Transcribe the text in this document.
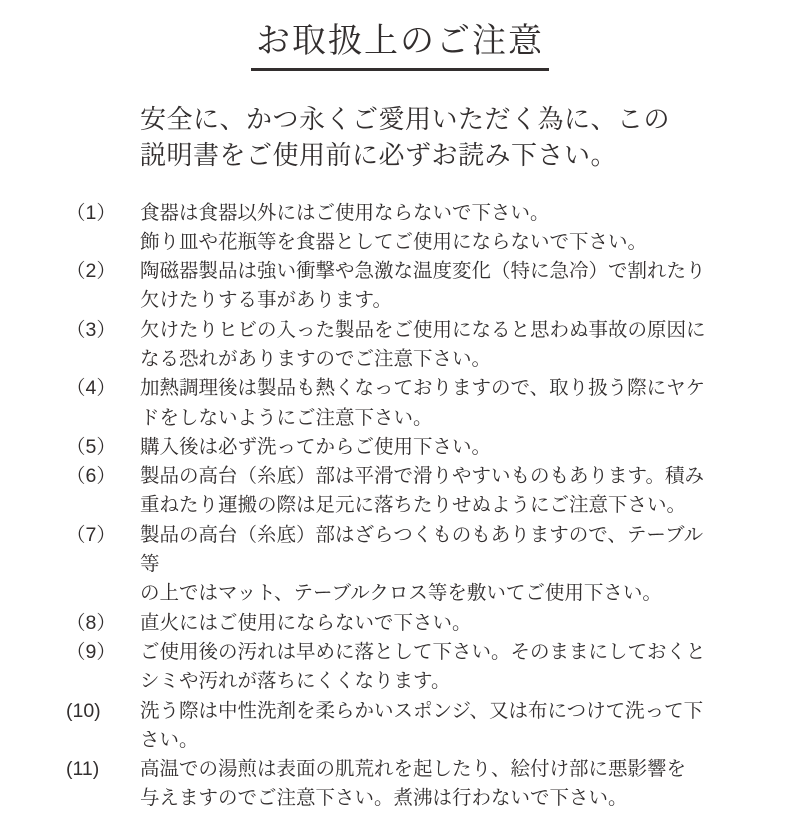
お取扱上のご注意
安全に、かつ永くご愛用いただく為に、この
説明書をご使用前に必ずお読み下さい。
（1）	食器は食器以外にはご使用ならないで下さい。
飾り皿や花瓶等を食器としてご使用にならないで下さい。
（2）	陶磁器製品は強い衝撃や急激な温度変化（特に急冷）で割れたり
欠けたりする事があります。
（3）	欠けたりヒビの入った製品をご使用になると思わぬ事故の原因に
なる恐れがありますのでご注意下さい。
（4）	加熱調理後は製品も熱くなっておりますので、取り扱う際にヤケ
ドをしないようにご注意下さい。
（5）	購入後は必ず洗ってからご使用下さい。
（6）	製品の高台（糸底）部は平滑で滑りやすいものもあります。積み
重ねたり運搬の際は足元に落ちたりせぬようにご注意下さい。
（7）	製品の高台（糸底）部はざらつくものもありますので、テーブル等
の上ではマット、テーブルクロス等を敷いてご使用下さい。
（8）	直火にはご使用にならないで下さい。
（9）	ご使用後の汚れは早めに落として下さい。そのままにしておくと
シミや汚れが落ちにくくなります。
(10)	洗う際は中性洗剤を柔らかいスポンジ、又は布につけて洗って下
さい。
(11)	高温での湯煎は表面の肌荒れを起したり、絵付け部に悪影響を
与えますのでご注意下さい。煮沸は行わないで下さい。
